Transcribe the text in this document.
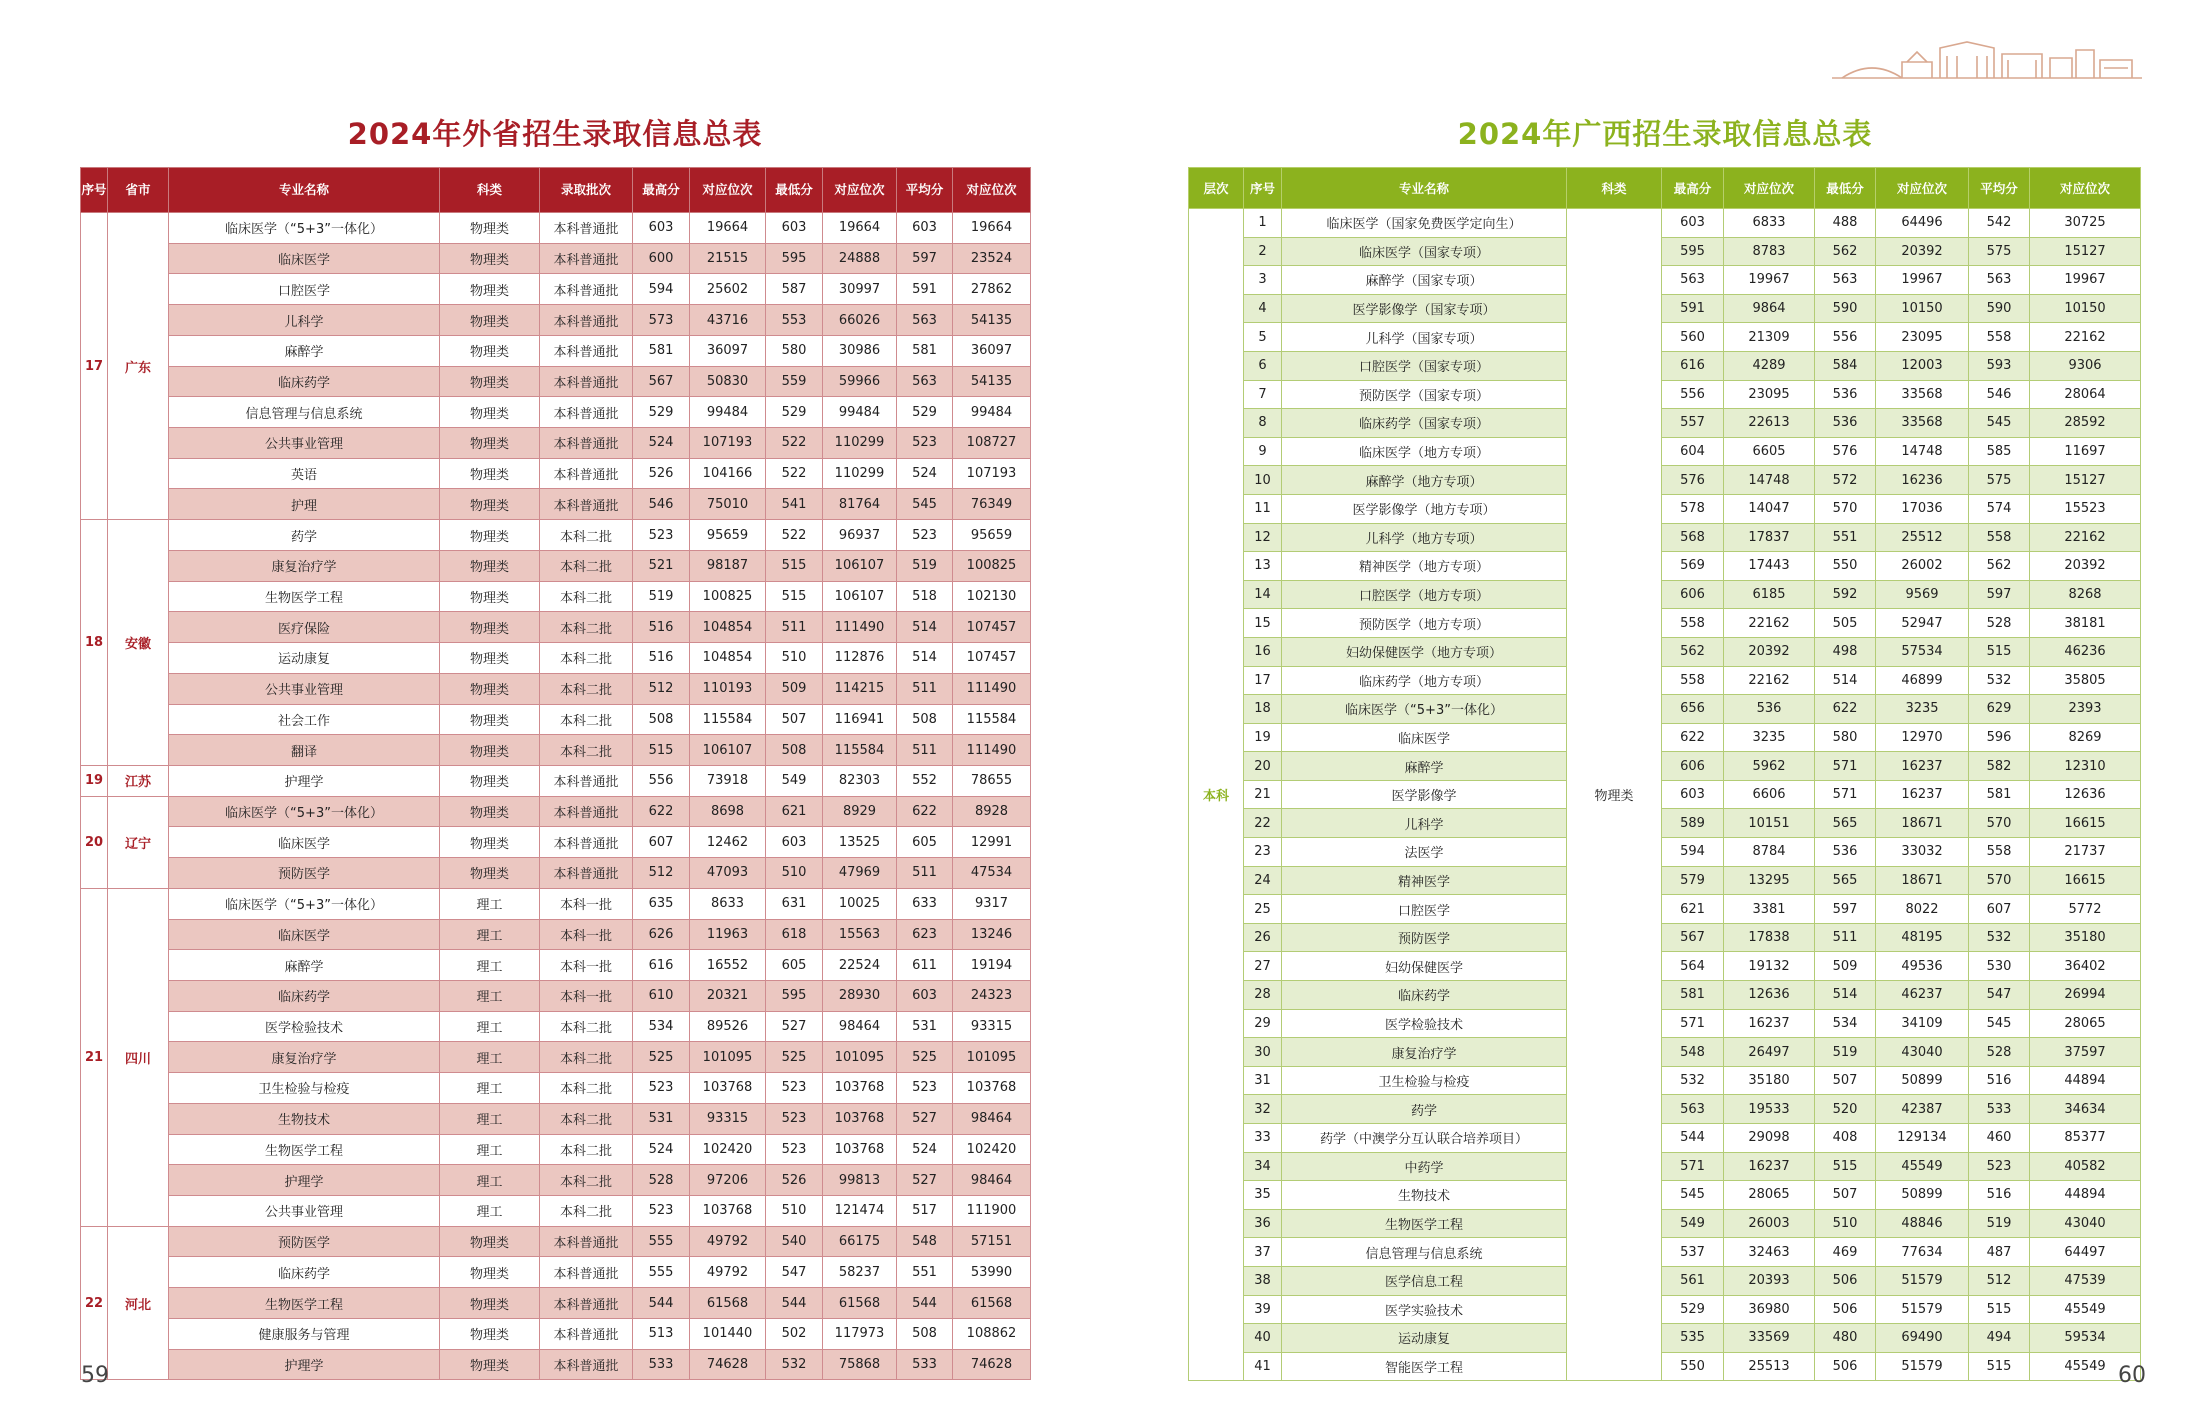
2024年外省招生录取信息总表	2024年广西招生录取信息总表
序号	省市	专业名称	科类	录取批次	最高分	对应位次	最低分	对应位次	平均分	对应位次
17	广东	临床医学（“5+3”一体化）	物理类	本科普通批	603	19664	603	19664	603	19664
		临床医学	物理类	本科普通批	600	21515	595	24888	597	23524
		口腔医学	物理类	本科普通批	594	25602	587	30997	591	27862
		儿科学	物理类	本科普通批	573	43716	553	66026	563	54135
		麻醉学	物理类	本科普通批	581	36097	580	30986	581	36097
		临床药学	物理类	本科普通批	567	50830	559	59966	563	54135
		信息管理与信息系统	物理类	本科普通批	529	99484	529	99484	529	99484
		公共事业管理	物理类	本科普通批	524	107193	522	110299	523	108727
		英语	物理类	本科普通批	526	104166	522	110299	524	107193
		护理	物理类	本科普通批	546	75010	541	81764	545	76349
18	安徽	药学	物理类	本科二批	523	95659	522	96937	523	95659
		康复治疗学	物理类	本科二批	521	98187	515	106107	519	100825
		生物医学工程	物理类	本科二批	519	100825	515	106107	518	102130
		医疗保险	物理类	本科二批	516	104854	511	111490	514	107457
		运动康复	物理类	本科二批	516	104854	510	112876	514	107457
		公共事业管理	物理类	本科二批	512	110193	509	114215	511	111490
		社会工作	物理类	本科二批	508	115584	507	116941	508	115584
		翻译	物理类	本科二批	515	106107	508	115584	511	111490
19	江苏	护理学	物理类	本科普通批	556	73918	549	82303	552	78655
20	辽宁	临床医学（“5+3”一体化）	物理类	本科普通批	622	8698	621	8929	622	8928
		临床医学	物理类	本科普通批	607	12462	603	13525	605	12991
		预防医学	物理类	本科普通批	512	47093	510	47969	511	47534
21	四川	临床医学（“5+3”一体化）	理工	本科一批	635	8633	631	10025	633	9317
		临床医学	理工	本科一批	626	11963	618	15563	623	13246
		麻醉学	理工	本科一批	616	16552	605	22524	611	19194
		临床药学	理工	本科一批	610	20321	595	28930	603	24323
		医学检验技术	理工	本科二批	534	89526	527	98464	531	93315
		康复治疗学	理工	本科二批	525	101095	525	101095	525	101095
		卫生检验与检疫	理工	本科二批	523	103768	523	103768	523	103768
		生物技术	理工	本科二批	531	93315	523	103768	527	98464
		生物医学工程	理工	本科二批	524	102420	523	103768	524	102420
		护理学	理工	本科二批	528	97206	526	99813	527	98464
		公共事业管理	理工	本科二批	523	103768	510	121474	517	111900
22	河北	预防医学	物理类	本科普通批	555	49792	540	66175	548	57151
		临床药学	物理类	本科普通批	555	49792	547	58237	551	53990
		生物医学工程	物理类	本科普通批	544	61568	544	61568	544	61568
		健康服务与管理	物理类	本科普通批	513	101440	502	117973	508	108862
		护理学	物理类	本科普通批	533	74628	532	75868	533	74628
层次	序号	专业名称	科类	最高分	对应位次	最低分	对应位次	平均分	对应位次
本科	1	临床医学（国家免费医学定向生）	物理类	603	6833	488	64496	542	30725
	2	临床医学（国家专项）		595	8783	562	20392	575	15127
	3	麻醉学（国家专项）		563	19967	563	19967	563	19967
	4	医学影像学（国家专项）		591	9864	590	10150	590	10150
	5	儿科学（国家专项）		560	21309	556	23095	558	22162
	6	口腔医学（国家专项）		616	4289	584	12003	593	9306
	7	预防医学（国家专项）		556	23095	536	33568	546	28064
	8	临床药学（国家专项）		557	22613	536	33568	545	28592
	9	临床医学（地方专项）		604	6605	576	14748	585	11697
	10	麻醉学（地方专项）		576	14748	572	16236	575	15127
	11	医学影像学（地方专项）		578	14047	570	17036	574	15523
	12	儿科学（地方专项）		568	17837	551	25512	558	22162
	13	精神医学（地方专项）		569	17443	550	26002	562	20392
	14	口腔医学（地方专项）		606	6185	592	9569	597	8268
	15	预防医学（地方专项）		558	22162	505	52947	528	38181
	16	妇幼保健医学（地方专项）		562	20392	498	57534	515	46236
	17	临床药学（地方专项）		558	22162	514	46899	532	35805
	18	临床医学（“5+3”一体化）		656	536	622	3235	629	2393
	19	临床医学		622	3235	580	12970	596	8269
	20	麻醉学		606	5962	571	16237	582	12310
	21	医学影像学		603	6606	571	16237	581	12636
	22	儿科学		589	10151	565	18671	570	16615
	23	法医学		594	8784	536	33032	558	21737
	24	精神医学		579	13295	565	18671	570	16615
	25	口腔医学		621	3381	597	8022	607	5772
	26	预防医学		567	17838	511	48195	532	35180
	27	妇幼保健医学		564	19132	509	49536	530	36402
	28	临床药学		581	12636	514	46237	547	26994
	29	医学检验技术		571	16237	534	34109	545	28065
	30	康复治疗学		548	26497	519	43040	528	37597
	31	卫生检验与检疫		532	35180	507	50899	516	44894
	32	药学		563	19533	520	42387	533	34634
	33	药学（中澳学分互认联合培养项目）		544	29098	408	129134	460	85377
	34	中药学		571	16237	515	45549	523	40582
	35	生物技术		545	28065	507	50899	516	44894
	36	生物医学工程		549	26003	510	48846	519	43040
	37	信息管理与信息系统		537	32463	469	77634	487	64497
	38	医学信息工程		561	20393	506	51579	512	47539
	39	医学实验技术		529	36980	506	51579	515	45549
	40	运动康复		535	33569	480	69490	494	59534
	41	智能医学工程		550	25513	506	51579	515	45549
59	60
